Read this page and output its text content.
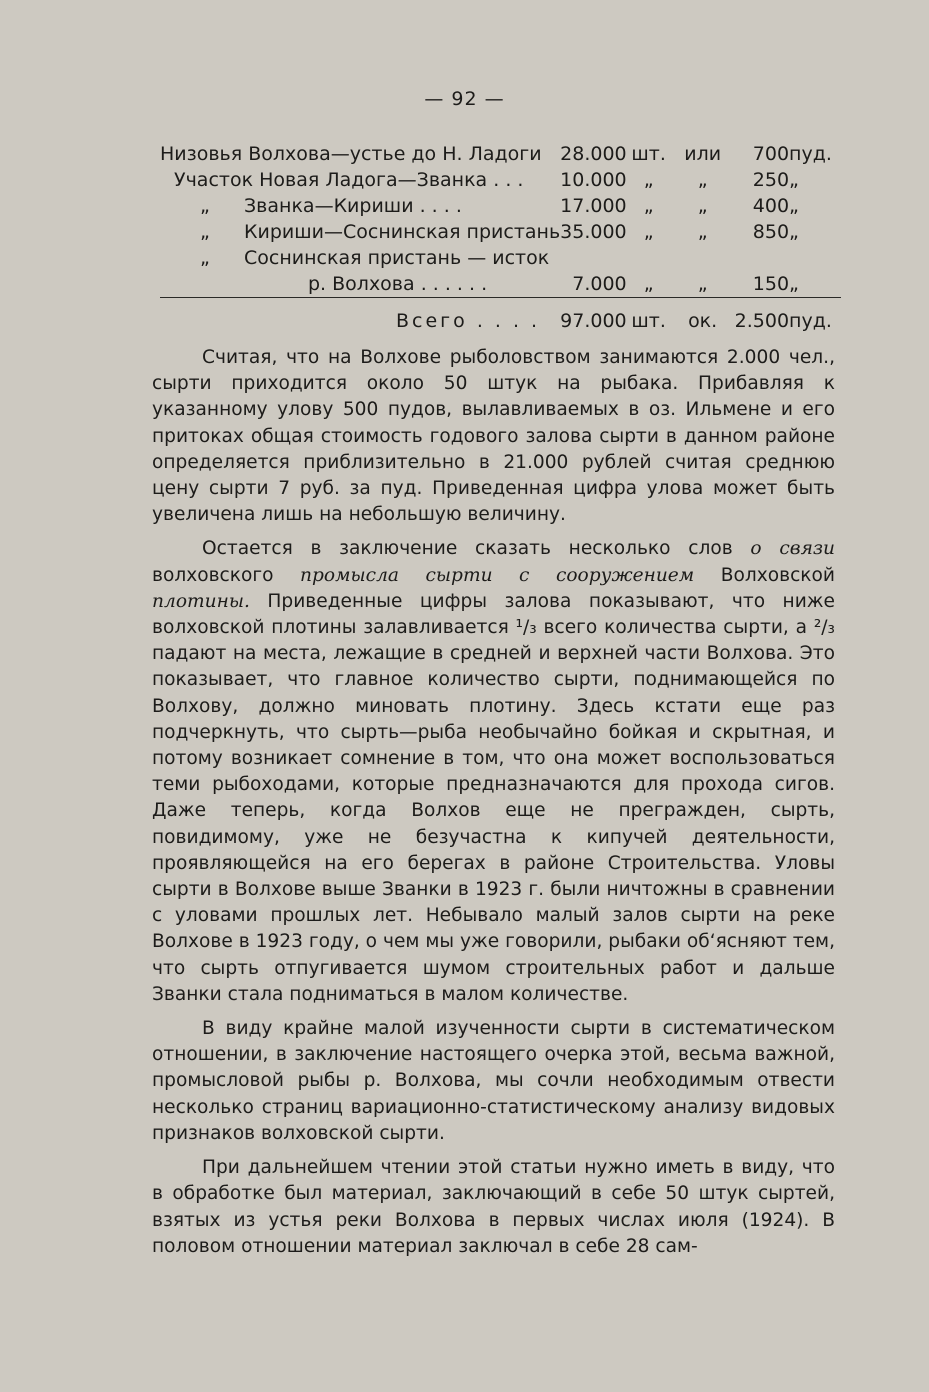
— 92 —
Низовья Волхова—устье до Н. Ладоги	28.000	шт.	или	700	пуд.
Участок Новая Ладога—Званка . . .	10.000	„	„	250	„
„ Званка—Кириши . . . .	17.000	„	„	400	„
„ Кириши—Соснинская пристань	35.000	„	„	850	„
„ Соснинская пристань — исток					
р. Волхова . . . . . .	7.000	„	„	150	„
Всего . . . .	97.000	шт.	ок.	2.500	пуд.

Считая, что на Волхове рыболовством занимаются 2.000 чел., сырти приходится около 50 штук на рыбака. Прибавляя к указанному улову 500 пудов, вылавливаемых в оз. Ильмене и его притоках общая стоимость годового залова сырти в данном районе определяется приблизительно в 21.000 рублей считая среднюю цену сырти 7 руб. за пуд. Приведенная цифра улова может быть увеличена лишь на небольшую величину.

Остается в заключение сказать несколько слов о связи волховского промысла сырти с сооружением Волховской плотины. Приведенные цифры залова показывают, что ниже волховской плотины залавливается ¹/₃ всего количества сырти, а ²/₃ падают на места, лежащие в средней и верхней части Волхова. Это показывает, что главное количество сырти, поднимающейся по Волхову, должно миновать плотину. Здесь кстати еще раз подчеркнуть, что сырть—рыба необычайно бойкая и скрытная, и потому возникает сомнение в том, что она может воспользоваться теми рыбоходами, которые предназначаются для прохода сигов. Даже теперь, когда Волхов еще не прегражден, сырть, повидимому, уже не безучастна к кипучей деятельности, проявляющейся на его берегах в районе Строительства. Уловы сырти в Волхове выше Званки в 1923 г. были ничтожны в сравнении с уловами прошлых лет. Небывало малый залов сырти на реке Волхове в 1923 году, о чем мы уже говорили, рыбаки об‘ясняют тем, что сырть отпугивается шумом строительных работ и дальше Званки стала подниматься в малом количестве.

В виду крайне малой изученности сырти в систематическом отношении, в заключение настоящего очерка этой, весьма важной, промысловой рыбы р. Волхова, мы сочли необходимым отвести несколько страниц вариационно-статистическому анализу видовых признаков волховской сырти.

При дальнейшем чтении этой статьи нужно иметь в виду, что в обработке был материал, заключающий в себе 50 штук сыртей, взятых из устья реки Волхова в первых числах июля (1924). В половом отношении материал заключал в себе 28 сам-
